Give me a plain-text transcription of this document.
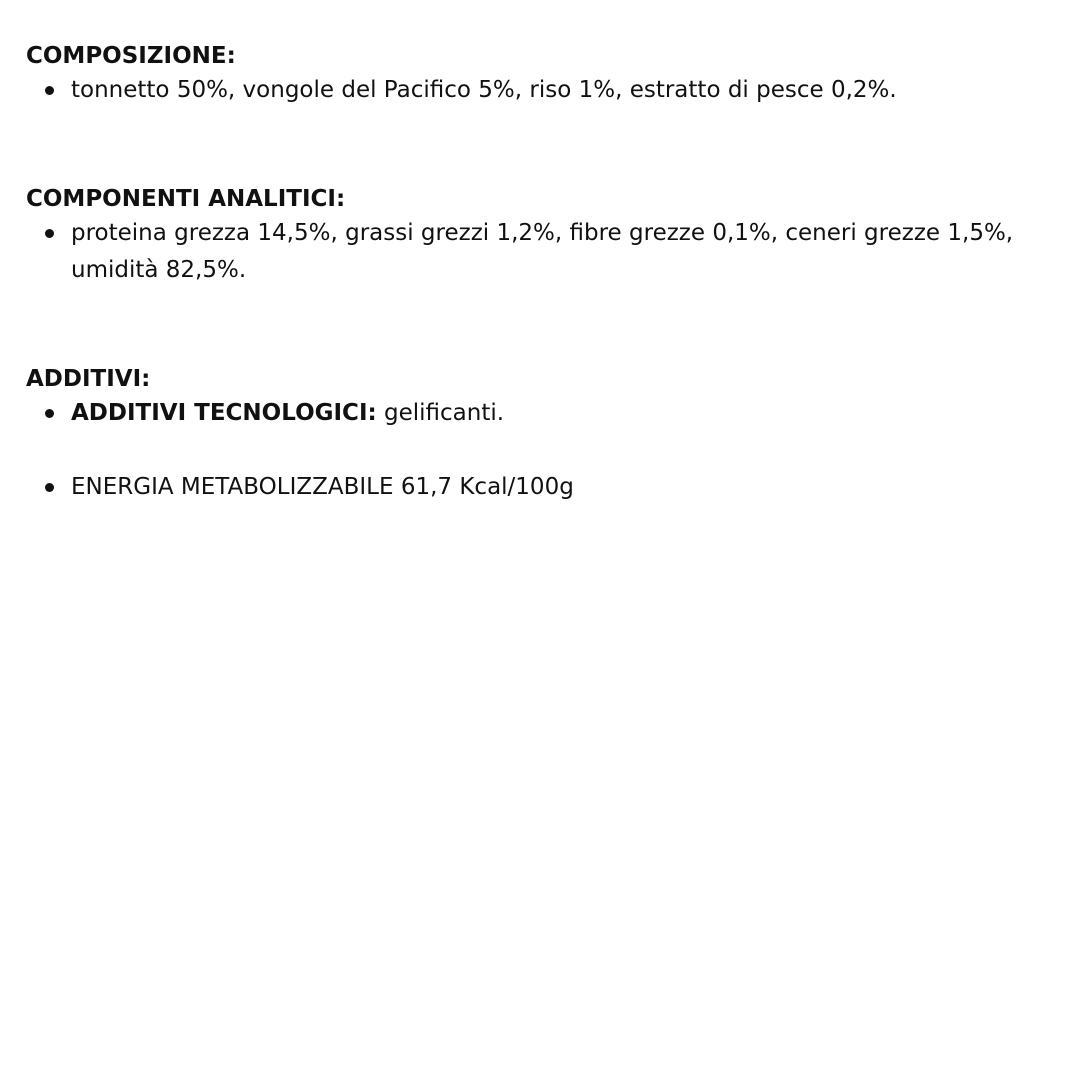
COMPOSIZIONE:
tonnetto 50%, vongole del Pacifico 5%, riso 1%, estratto di pesce 0,2%.
COMPONENTI ANALITICI:
proteina grezza 14,5%, grassi grezzi 1,2%, fibre grezze 0,1%, ceneri grezze 1,5%, umidità 82,5%.
ADDITIVI:
ADDITIVI TECNOLOGICI: gelificanti.
ENERGIA METABOLIZZABILE 61,7 Kcal/100g
